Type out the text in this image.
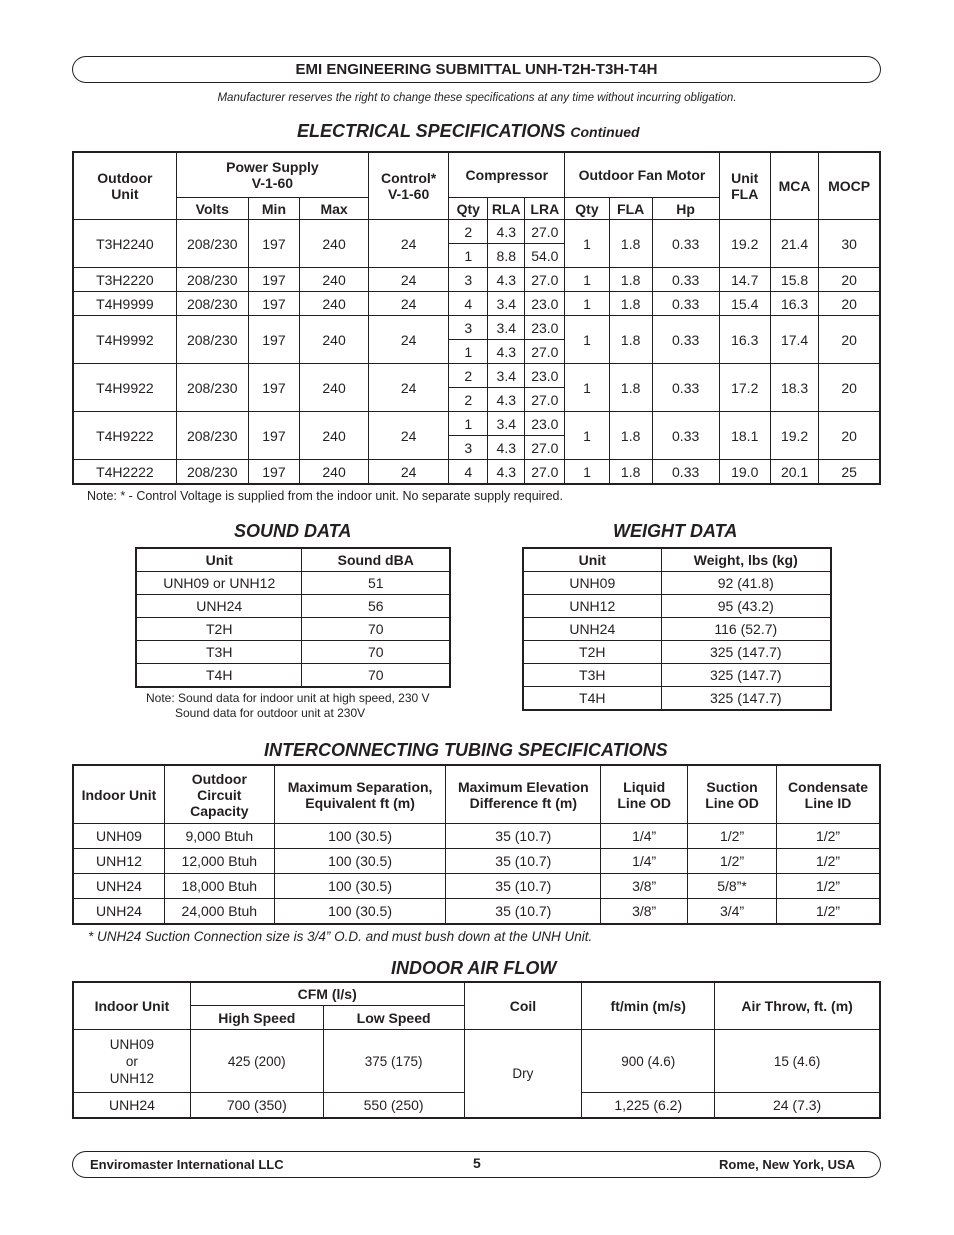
EMI ENGINEERING SUBMITTAL UNH-T2H-T3H-T4H
Manufacturer reserves the right to change these specifications at any time without incurring obligation.
ELECTRICAL SPECIFICATIONS Continued
Outdoor Unit	Power Supply V-1-60			Control* V-1-60	Compressor			Outdoor Fan Motor			Unit FLA	MCA	MOCP
	Volts	Min	Max		Qty	RLA	LRA	Qty	FLA	Hp			
T3H2240	208/230	197	240	24	2	4.3	27.0	1	1.8	0.33	19.2	21.4	30
					1	8.8	54.0						
T3H2220	208/230	197	240	24	3	4.3	27.0	1	1.8	0.33	14.7	15.8	20
T4H9999	208/230	197	240	24	4	3.4	23.0	1	1.8	0.33	15.4	16.3	20
T4H9992	208/230	197	240	24	3	3.4	23.0	1	1.8	0.33	16.3	17.4	20
					1	4.3	27.0						
T4H9922	208/230	197	240	24	2	3.4	23.0	1	1.8	0.33	17.2	18.3	20
					2	4.3	27.0						
T4H9222	208/230	197	240	24	1	3.4	23.0	1	1.8	0.33	18.1	19.2	20
					3	4.3	27.0						
T4H2222	208/230	197	240	24	4	4.3	27.0	1	1.8	0.33	19.0	20.1	25
Note: * - Control Voltage is supplied from the indoor unit. No separate supply required.
SOUND DATA
Unit	Sound dBA
UNH09 or UNH12	51
UNH24	56
T2H	70
T3H	70
T4H	70
Note: Sound data for indoor unit at high speed, 230 V
Sound data for outdoor unit at 230V
WEIGHT DATA
Unit	Weight, lbs (kg)
UNH09	92 (41.8)
UNH12	95 (43.2)
UNH24	116 (52.7)
T2H	325 (147.7)
T3H	325 (147.7)
T4H	325 (147.7)
INTERCONNECTING TUBING SPECIFICATIONS
Indoor Unit	Outdoor Circuit Capacity	Maximum Separation, Equivalent ft (m)	Maximum Elevation Difference ft (m)	Liquid Line OD	Suction Line OD	Condensate Line ID
UNH09	9,000 Btuh	100 (30.5)	35 (10.7)	1/4”	1/2”	1/2”
UNH12	12,000 Btuh	100 (30.5)	35 (10.7)	1/4”	1/2”	1/2”
UNH24	18,000 Btuh	100 (30.5)	35 (10.7)	3/8”	5/8”*	1/2”
UNH24	24,000 Btuh	100 (30.5)	35 (10.7)	3/8”	3/4”	1/2”
* UNH24 Suction Connection size is 3/4” O.D. and must bush down at the UNH Unit.
INDOOR AIR FLOW
Indoor Unit	CFM (l/s)		Coil	ft/min (m/s)	Air Throw, ft. (m)
	High Speed	Low Speed			
UNH09
or
UNH12	425 (200)	375 (175)	Dry	900 (4.6)	15 (4.6)
UNH24	700 (350)	550 (250)		1,225 (6.2)	24 (7.3)
Enviromaster International LLC	5	Rome, New York, USA
